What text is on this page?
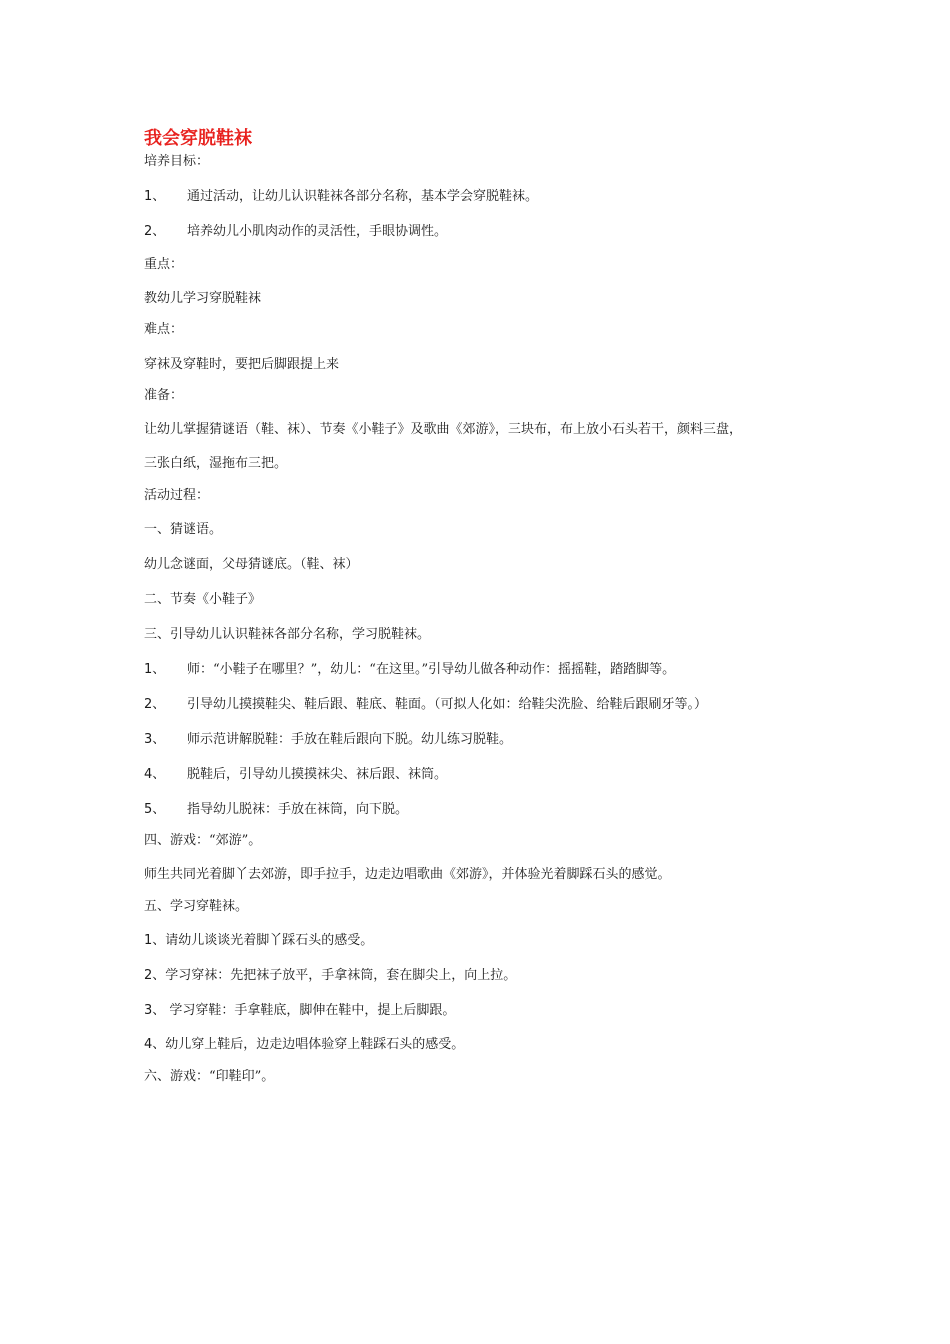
我会穿脱鞋袜
培养目标：
1、 通过活动，让幼儿认识鞋袜各部分名称，基本学会穿脱鞋袜。
2、 培养幼儿小肌肉动作的灵活性，手眼协调性。
重点：
教幼儿学习穿脱鞋袜
难点：
穿袜及穿鞋时，要把后脚跟提上来
准备：
让幼儿掌握猜谜语（鞋、袜）、节奏《小鞋子》及歌曲《郊游》，三块布，布上放小石头若干，颜料三盘，
三张白纸，湿拖布三把。
活动过程：
一、猜谜语。
幼儿念谜面，父母猜谜底。（鞋、袜）
二、节奏《小鞋子》
三、引导幼儿认识鞋袜各部分名称，学习脱鞋袜。
1、 师：“小鞋子在哪里？”，幼儿：“在这里。”引导幼儿做各种动作：摇摇鞋，踏踏脚等。
2、 引导幼儿摸摸鞋尖、鞋后跟、鞋底、鞋面。（可拟人化如：给鞋尖洗脸、给鞋后跟刷牙等。）
3、 师示范讲解脱鞋：手放在鞋后跟向下脱。幼儿练习脱鞋。
4、 脱鞋后，引导幼儿摸摸袜尖、袜后跟、袜筒。
5、 指导幼儿脱袜：手放在袜筒，向下脱。
四、游戏：“郊游”。
师生共同光着脚丫去郊游，即手拉手，边走边唱歌曲《郊游》，并体验光着脚踩石头的感觉。
五、学习穿鞋袜。
1、请幼儿谈谈光着脚丫踩石头的感受。
2、学习穿袜：先把袜子放平，手拿袜筒，套在脚尖上，向上拉。
3、 学习穿鞋：手拿鞋底，脚伸在鞋中，提上后脚跟。
4、幼儿穿上鞋后，边走边唱体验穿上鞋踩石头的感受。
六、游戏：“印鞋印”。
